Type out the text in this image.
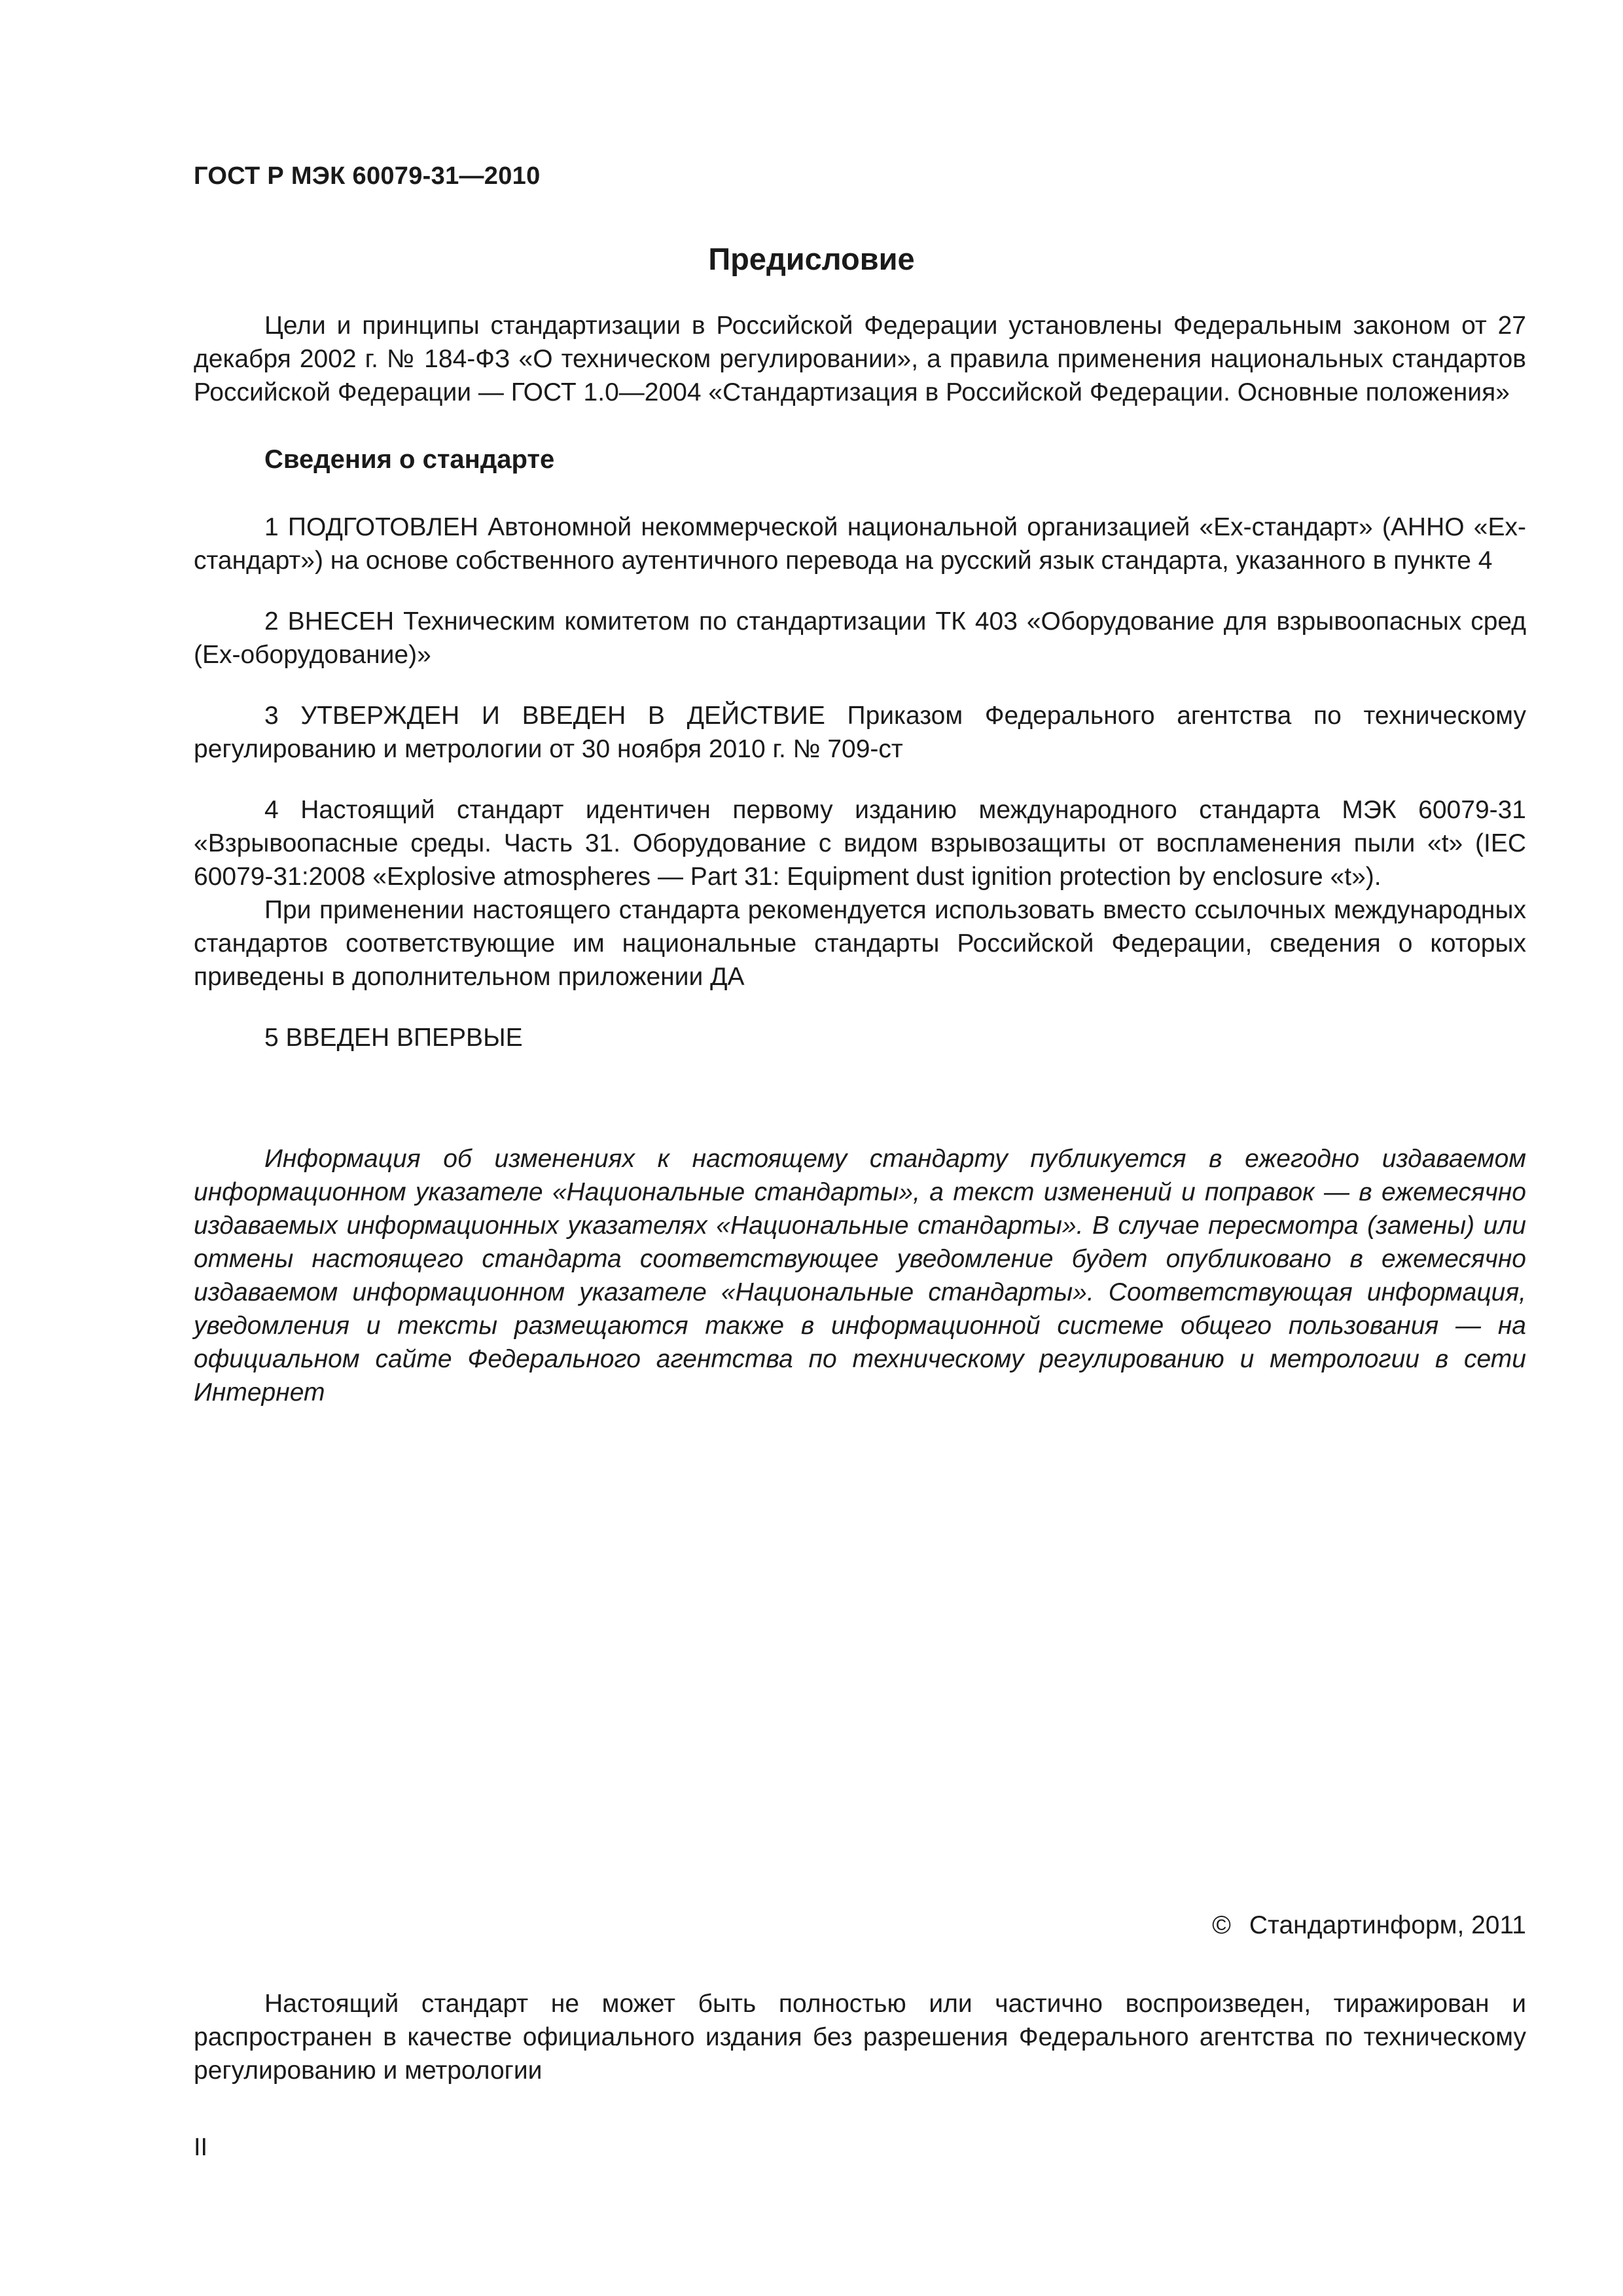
ГОСТ Р МЭК 60079-31—2010
Предисловие

Цели и принципы стандартизации в Российской Федерации установлены Федеральным законом от 27 декабря 2002 г. № 184-ФЗ «О техническом регулировании», а правила применения национальных стандартов Российской Федерации — ГОСТ 1.0—2004 «Стандартизация в Российской Федерации. Основные положения»

Сведения о стандарте

1 ПОДГОТОВЛЕН Автономной некоммерческой национальной организацией «Ех-стандарт» (АННО «Ех-стандарт») на основе собственного аутентичного перевода на русский язык стандарта, указанного в пункте 4

2 ВНЕСЕН Техническим комитетом по стандартизации ТК 403 «Оборудование для взрывоопасных сред (Ех-оборудование)»

3 УТВЕРЖДЕН И ВВЕДЕН В ДЕЙСТВИЕ Приказом Федерального агентства по техническому регулированию и метрологии от 30 ноября 2010 г. № 709-ст

4 Настоящий стандарт идентичен первому изданию международного стандарта МЭК 60079-31 «Взрывоопасные среды. Часть 31. Оборудование с видом взрывозащиты от воспламенения пыли «t» (IEC 60079-31:2008 «Explosive atmospheres — Part 31: Equipment dust ignition protection by enclosure «t»).

При применении настоящего стандарта рекомендуется использовать вместо ссылочных международных стандартов соответствующие им национальные стандарты Российской Федерации, сведения о которых приведены в дополнительном приложении ДА

5 ВВЕДЕН ВПЕРВЫЕ

Информация об изменениях к настоящему стандарту публикуется в ежегодно издаваемом информационном указателе «Национальные стандарты», а текст изменений и поправок — в ежемесячно издаваемых информационных указателях «Национальные стандарты». В случае пересмотра (замены) или отмены настоящего стандарта соответствующее уведомление будет опубликовано в ежемесячно издаваемом информационном указателе «Национальные стандарты». Соответствующая информация, уведомления и тексты размещаются также в информационной системе общего пользования — на официальном сайте Федерального агентства по техническому регулированию и метрологии в сети Интернет

© Стандартинформ, 2011

Настоящий стандарт не может быть полностью или частично воспроизведен, тиражирован и распространен в качестве официального издания без разрешения Федерального агентства по техническому регулированию и метрологии

II
